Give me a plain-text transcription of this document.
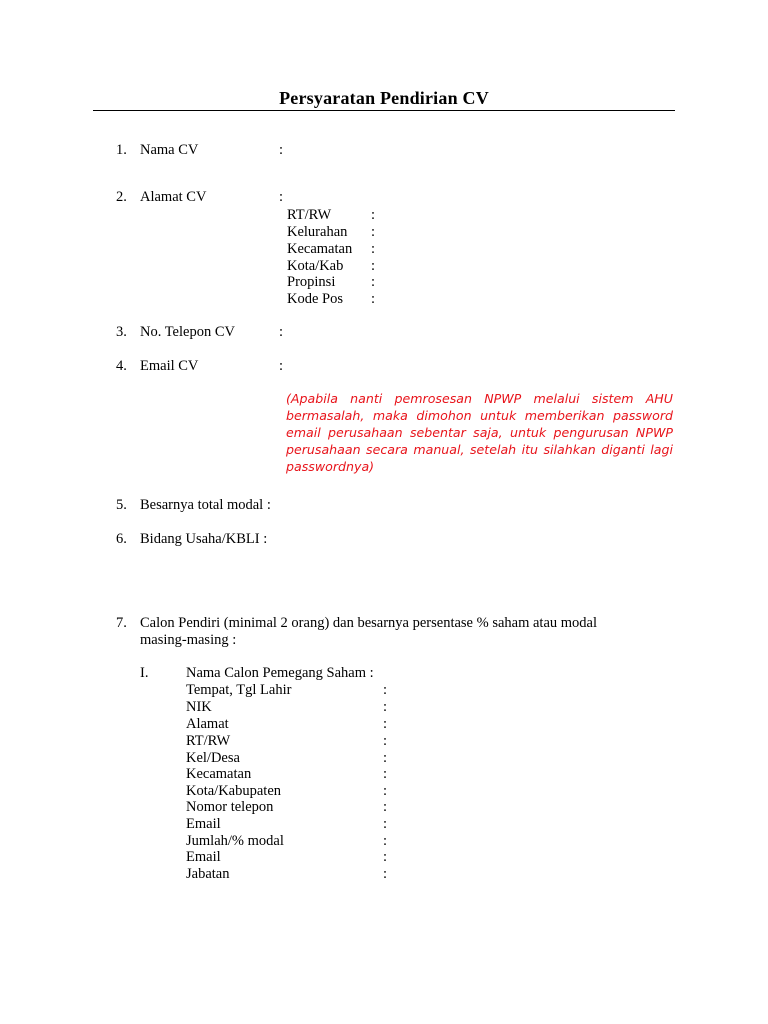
Persyaratan Pendirian CV
1. Nama CV	:
2. Alamat CV	:
RT/RW	:
Kelurahan :
Kecamatan :
Kota/Kab :
Propinsi :
Kode Pos :
3. No. Telepon CV	:
4. Email CV	:
(Apabila nanti pemrosesan NPWP melalui sistem AHU bermasalah, maka dimohon untuk memberikan password email perusahaan sebentar saja, untuk pengurusan NPWP perusahaan secara manual, setelah itu silahkan diganti lagi passwordnya)
5. Besarnya total modal :
6. Bidang Usaha/KBLI :
7. Calon Pendiri (minimal 2 orang) dan besarnya persentase % saham atau modal masing-masing :
I.	Nama Calon Pemegang Saham :
Tempat, Tgl Lahir	:
NIK	:
Alamat	:
RT/RW	:
Kel/Desa	:
Kecamatan	:
Kota/Kabupaten	:
Nomor telepon	:
Email	:
Jumlah/% modal	:
Email	:
Jabatan	:
